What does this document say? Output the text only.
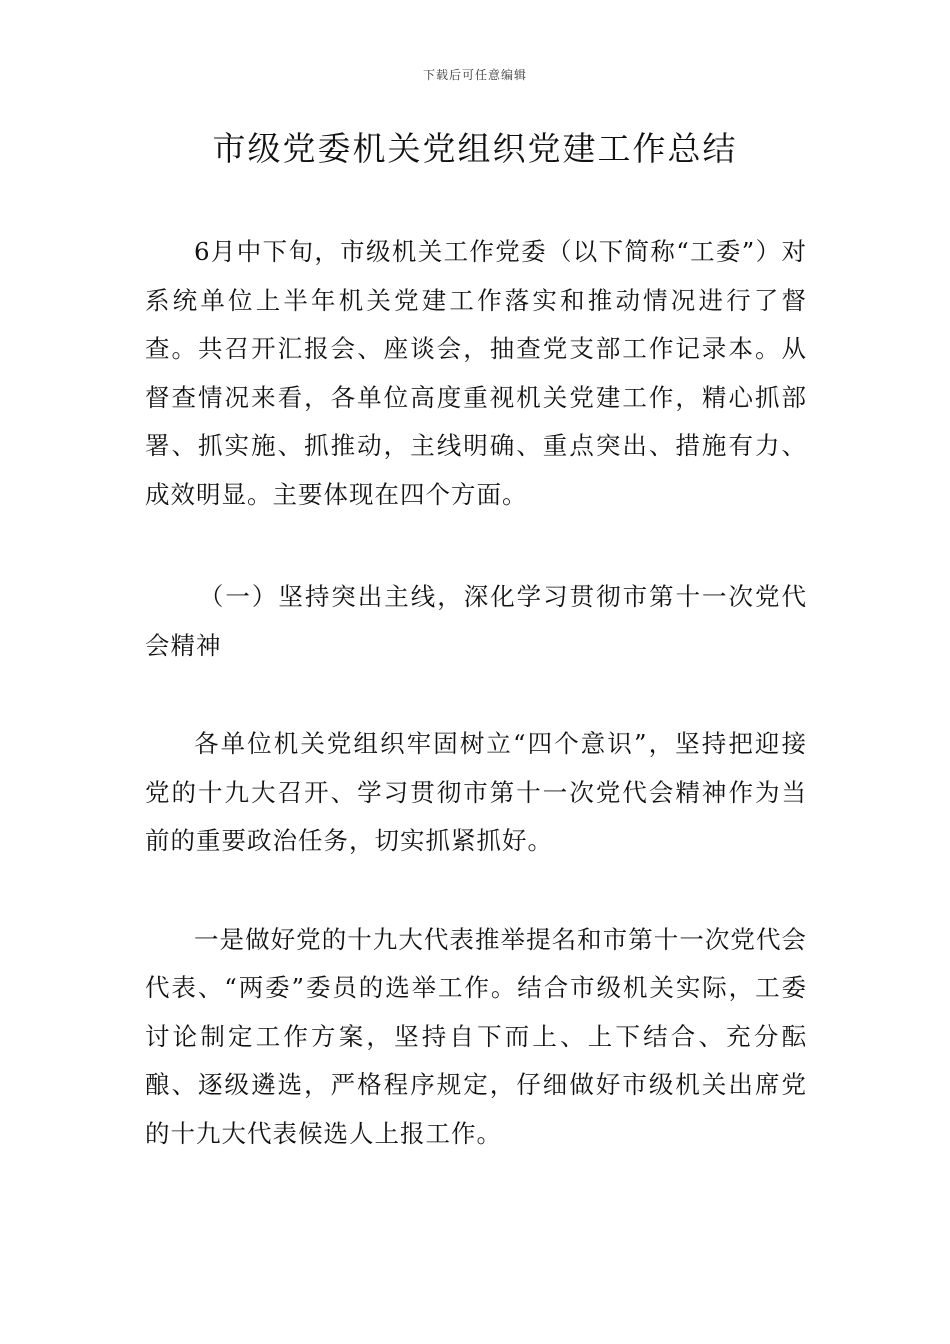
下载后可任意编辑
市级党委机关党组织党建工作总结

6月中下旬，市级机关工作党委（以下简称“工委”）对系统单位上半年机关党建工作落实和推动情况进行了督查。共召开汇报会、座谈会，抽查党支部工作记录本。从督查情况来看，各单位高度重视机关党建工作，精心抓部署、抓实施、抓推动，主线明确、重点突出、措施有力、成效明显。主要体现在四个方面。

（一）坚持突出主线，深化学习贯彻市第十一次党代会精神

各单位机关党组织牢固树立“四个意识”，坚持把迎接党的十九大召开、学习贯彻市第十一次党代会精神作为当前的重要政治任务，切实抓紧抓好。

一是做好党的十九大代表推举提名和市第十一次党代会代表、“两委”委员的选举工作。结合市级机关实际，工委讨论制定工作方案，坚持自下而上、上下结合、充分酝酿、逐级遴选，严格程序规定，仔细做好市级机关出席党的十九大代表候选人上报工作。
